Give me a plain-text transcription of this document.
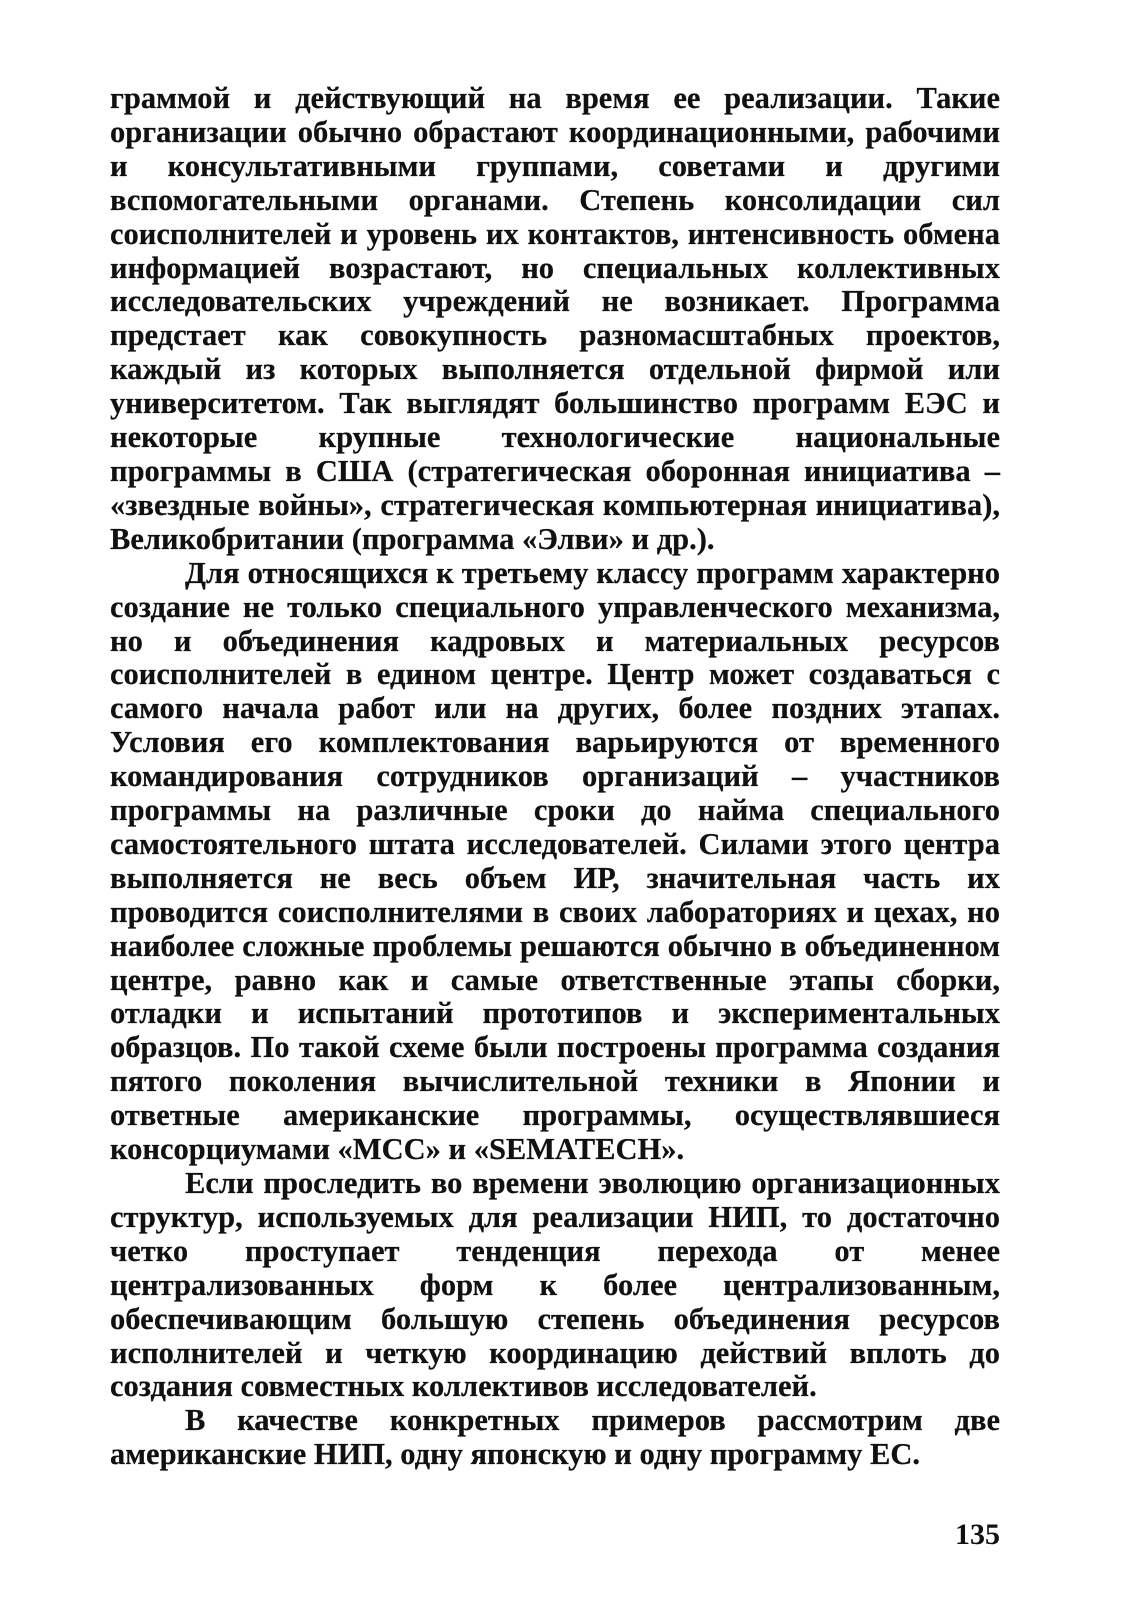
граммой и действующий на время ее реализации. Такие организации обычно обрастают координационными, рабочими и консультативными группами, советами и другими вспомогательными органами. Степень консолидации сил соисполнителей и уровень их контактов, интенсивность обмена информацией возрастают, но специальных коллективных исследовательских учреждений не возникает. Программа предстает как совокупность разномасштабных проектов, каждый из которых выполняется отдельной фирмой или университетом. Так выглядят большинство программ ЕЭС и некоторые крупные технологические национальные программы в США (стратегическая оборонная инициатива – «звездные войны», стратегическая компьютерная инициатива), Великобритании (программа «Элви» и др.).

Для относящихся к третьему классу программ характерно создание не только специального управленческого механизма, но и объединения кадровых и материальных ресурсов соисполнителей в едином центре. Центр может создаваться с самого начала работ или на других, более поздних этапах. Условия его комплектования варьируются от временного командирования сотрудников организаций – участников программы на различные сроки до найма специального самостоятельного штата исследователей. Силами этого центра выполняется не весь объем ИР, значительная часть их проводится соисполнителями в своих лабораториях и цехах, но наиболее сложные проблемы решаются обычно в объединенном центре, равно как и самые ответственные этапы сборки, отладки и испытаний прототипов и экспериментальных образцов. По такой схеме были построены программа создания пятого поколения вычислительной техники в Японии и ответные американские программы, осуществлявшиеся консорциумами «МСС» и «SEMATECH».

Если проследить во времени эволюцию организационных структур, используемых для реализации НИП, то достаточно четко проступает тенденция перехода от менее централизованных форм к более централизованным, обеспечивающим большую степень объединения ресурсов исполнителей и четкую координацию действий вплоть до создания совместных коллективов исследователей.

В качестве конкретных примеров рассмотрим две американские НИП, одну японскую и одну программу ЕС.

135
